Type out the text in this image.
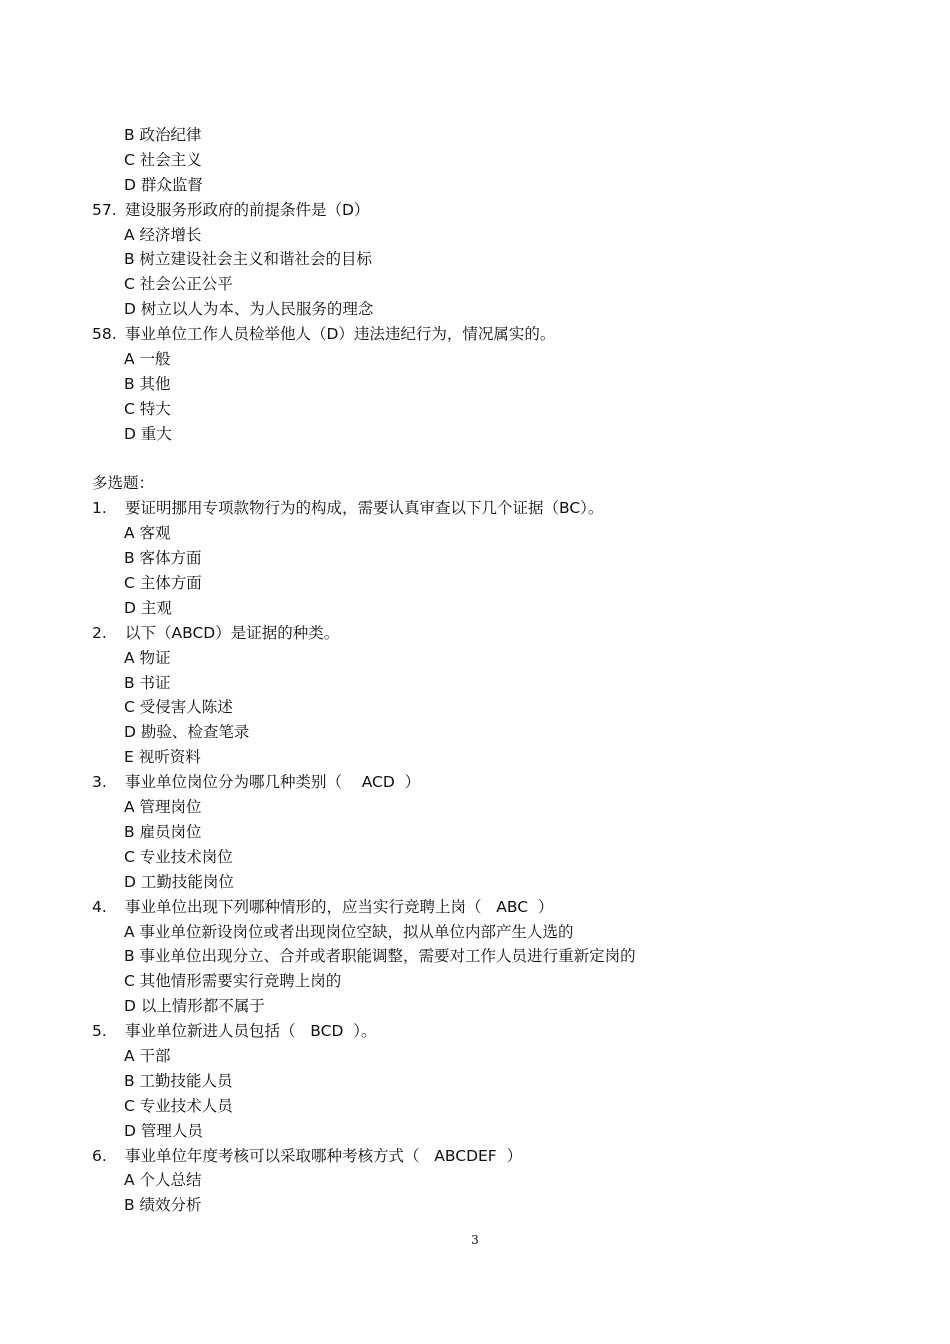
B 政治纪律
C 社会主义
D 群众监督
57. 建设服务形政府的前提条件是（D）
A 经济增长
B 树立建设社会主义和谐社会的目标
C 社会公正公平
D 树立以人为本、为人民服务的理念
58. 事业单位工作人员检举他人（D）违法违纪行为，情况属实的。
A 一般
B 其他
C 特大
D 重大
多选题：
1. 要证明挪用专项款物行为的构成，需要认真审查以下几个证据（BC）。
A 客观
B 客体方面
C 主体方面
D 主观
2. 以下（ABCD）是证据的种类。
A 物证
B 书证
C 受侵害人陈述
D 勘验、检查笔录
E 视听资料
3. 事业单位岗位分为哪几种类别（    ACD  ）
A 管理岗位
B 雇员岗位
C 专业技术岗位
D 工勤技能岗位
4. 事业单位出现下列哪种情形的，应当实行竞聘上岗（   ABC  ）
A 事业单位新设岗位或者出现岗位空缺，拟从单位内部产生人选的
B 事业单位出现分立、合并或者职能调整，需要对工作人员进行重新定岗的
C 其他情形需要实行竞聘上岗的
D 以上情形都不属于
5. 事业单位新进人员包括（   BCD  ）。
A 干部
B 工勤技能人员
C 专业技术人员
D 管理人员
6. 事业单位年度考核可以采取哪种考核方式（   ABCDEF  ）
A 个人总结
B 绩效分析
3
